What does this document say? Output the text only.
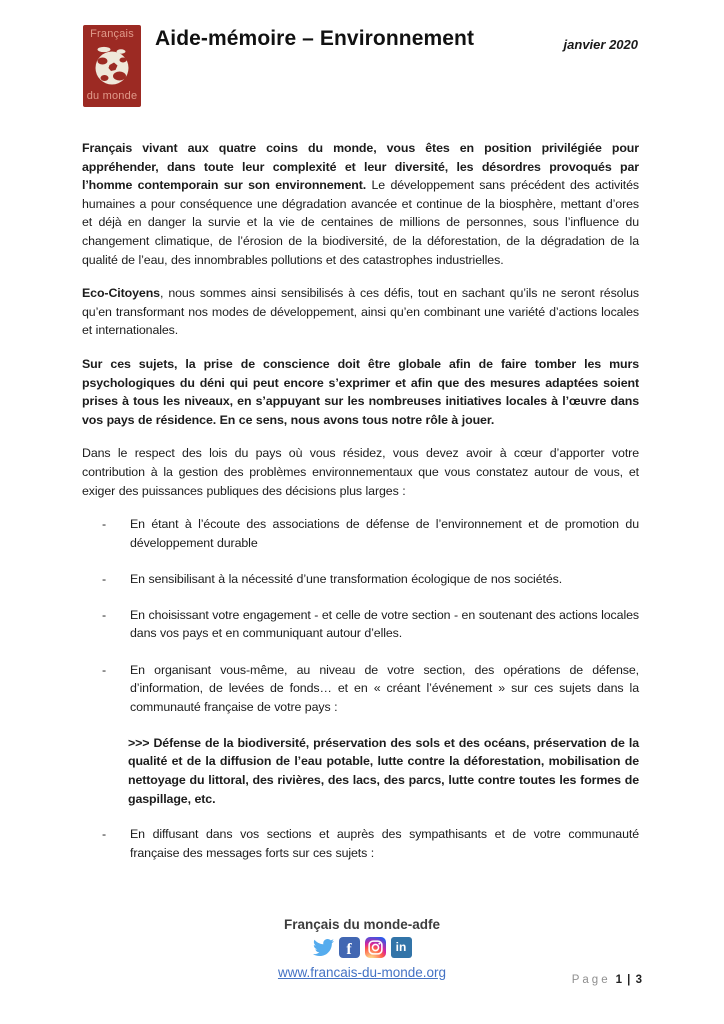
Français
du monde
Aide-mémoire – Environnement	janvier 2020

Français vivant aux quatre coins du monde, vous êtes en position privilégiée pour appréhender, dans toute leur complexité et leur diversité, les désordres provoqués par l’homme contemporain sur son environnement. Le développement sans précédent des activités humaines a pour conséquence une dégradation avancée et continue de la biosphère, mettant d’ores et déjà en danger la survie et la vie de centaines de millions de personnes, sous l’influence du changement climatique, de l’érosion de la biodiversité, de la déforestation, de la dégradation de la qualité de l’eau, des innombrables pollutions et des catastrophes industrielles.

Eco-Citoyens, nous sommes ainsi sensibilisés à ces défis, tout en sachant qu’ils ne seront résolus qu’en transformant nos modes de développement, ainsi qu’en combinant une variété d’actions locales et internationales.

Sur ces sujets, la prise de conscience doit être globale afin de faire tomber les murs psychologiques du déni qui peut encore s’exprimer et afin que des mesures adaptées soient prises à tous les niveaux, en s’appuyant sur les nombreuses initiatives locales à l’œuvre dans vos pays de résidence. En ce sens, nous avons tous notre rôle à jouer.

Dans le respect des lois du pays où vous résidez, vous devez avoir à cœur d’apporter votre contribution à la gestion des problèmes environnementaux que vous constatez autour de vous, et exiger des puissances publiques des décisions plus larges :

-	En étant à l’écoute des associations de défense de l’environnement et de promotion du développement durable
-	En sensibilisant à la nécessité d’une transformation écologique de nos sociétés.
-	En choisissant votre engagement - et celle de votre section - en soutenant des actions locales dans vos pays et en communiquant autour d’elles.
-	En organisant vous-même, au niveau de votre section, des opérations de défense, d’information, de levées de fonds… et en « créant l’événement » sur ces sujets dans la communauté française de votre pays :

>>> Défense de la biodiversité, préservation des sols et des océans, préservation de la qualité et de la diffusion de l’eau potable, lutte contre la déforestation, mobilisation de nettoyage du littoral, des rivières, des lacs, des parcs, lutte contre toutes les formes de gaspillage, etc.

-	En diffusant dans vos sections et auprès des sympathisants et de votre communauté française des messages forts sur ces sujets :
Français du monde-adfe
f	in
www.francais-du-monde.org	Page 1 | 3
